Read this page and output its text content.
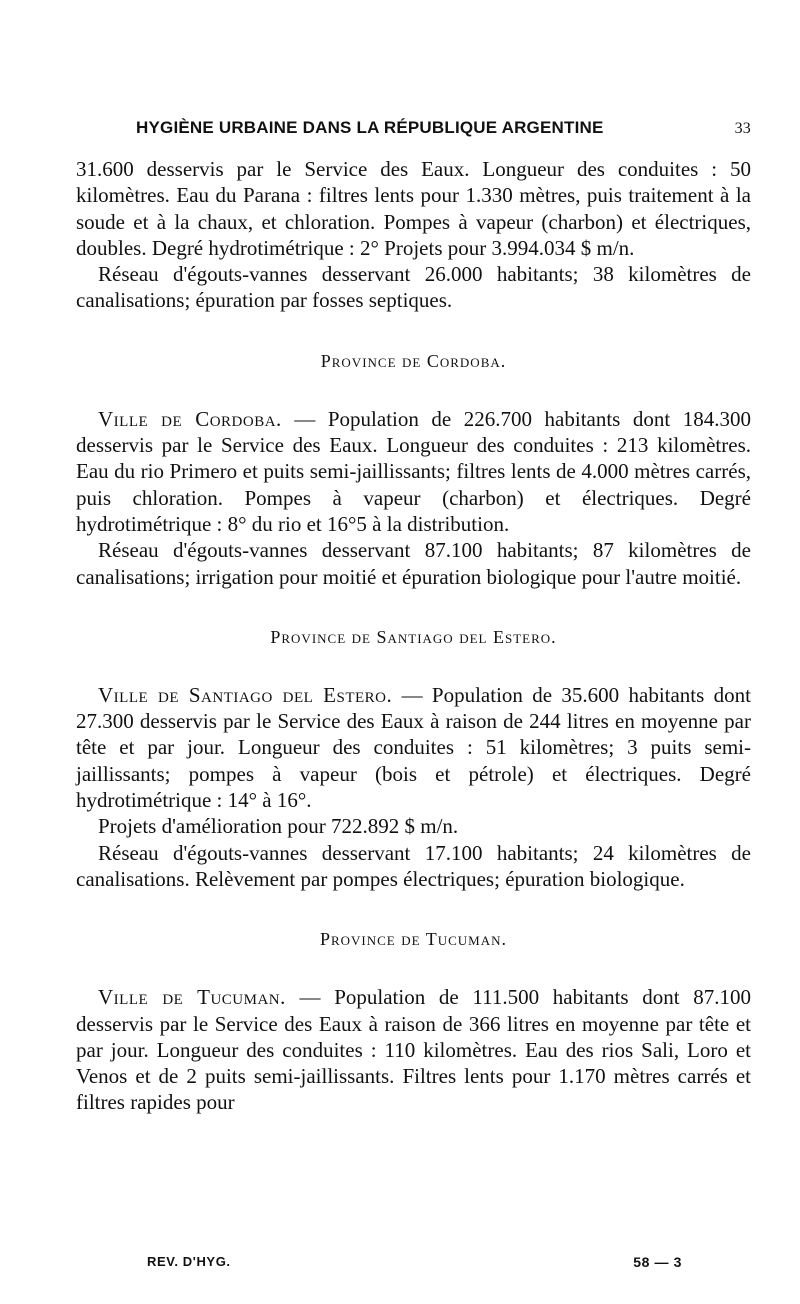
HYGIÈNE URBAINE DANS LA RÉPUBLIQUE ARGENTINE	33

31.600 desservis par le Service des Eaux. Longueur des conduites : 50 kilomètres. Eau du Parana : filtres lents pour 1.330 mètres, puis traitement à la soude et à la chaux, et chloration. Pompes à vapeur (charbon) et électriques, doubles. Degré hydrotimétrique : 2° Projets pour 3.994.034 $ m/n.

Réseau d'égouts-vannes desservant 26.000 habitants; 38 kilomètres de canalisations; épuration par fosses septiques.

Province de Cordoba.

Ville de Cordoba. — Population de 226.700 habitants dont 184.300 desservis par le Service des Eaux. Longueur des conduites : 213 kilomètres. Eau du rio Primero et puits semi-jaillissants; filtres lents de 4.000 mètres carrés, puis chloration. Pompes à vapeur (charbon) et électriques. Degré hydrotimétrique : 8° du rio et 16°5 à la distribution.

Réseau d'égouts-vannes desservant 87.100 habitants; 87 kilomètres de canalisations; irrigation pour moitié et épuration biologique pour l'autre moitié.

Province de Santiago del Estero.

Ville de Santiago del Estero. — Population de 35.600 habitants dont 27.300 desservis par le Service des Eaux à raison de 244 litres en moyenne par tête et par jour. Longueur des conduites : 51 kilomètres; 3 puits semi-jaillissants; pompes à vapeur (bois et pétrole) et électriques. Degré hydrotimétrique : 14° à 16°.

Projets d'amélioration pour 722.892 $ m/n.

Réseau d'égouts-vannes desservant 17.100 habitants; 24 kilomètres de canalisations. Relèvement par pompes électriques; épuration biologique.

Province de Tucuman.

Ville de Tucuman. — Population de 111.500 habitants dont 87.100 desservis par le Service des Eaux à raison de 366 litres en moyenne par tête et par jour. Longueur des conduites : 110 kilomètres. Eau des rios Sali, Loro et Venos et de 2 puits semi-jaillissants. Filtres lents pour 1.170 mètres carrés et filtres rapides pour

REV. D'HYG.	58 — 3
